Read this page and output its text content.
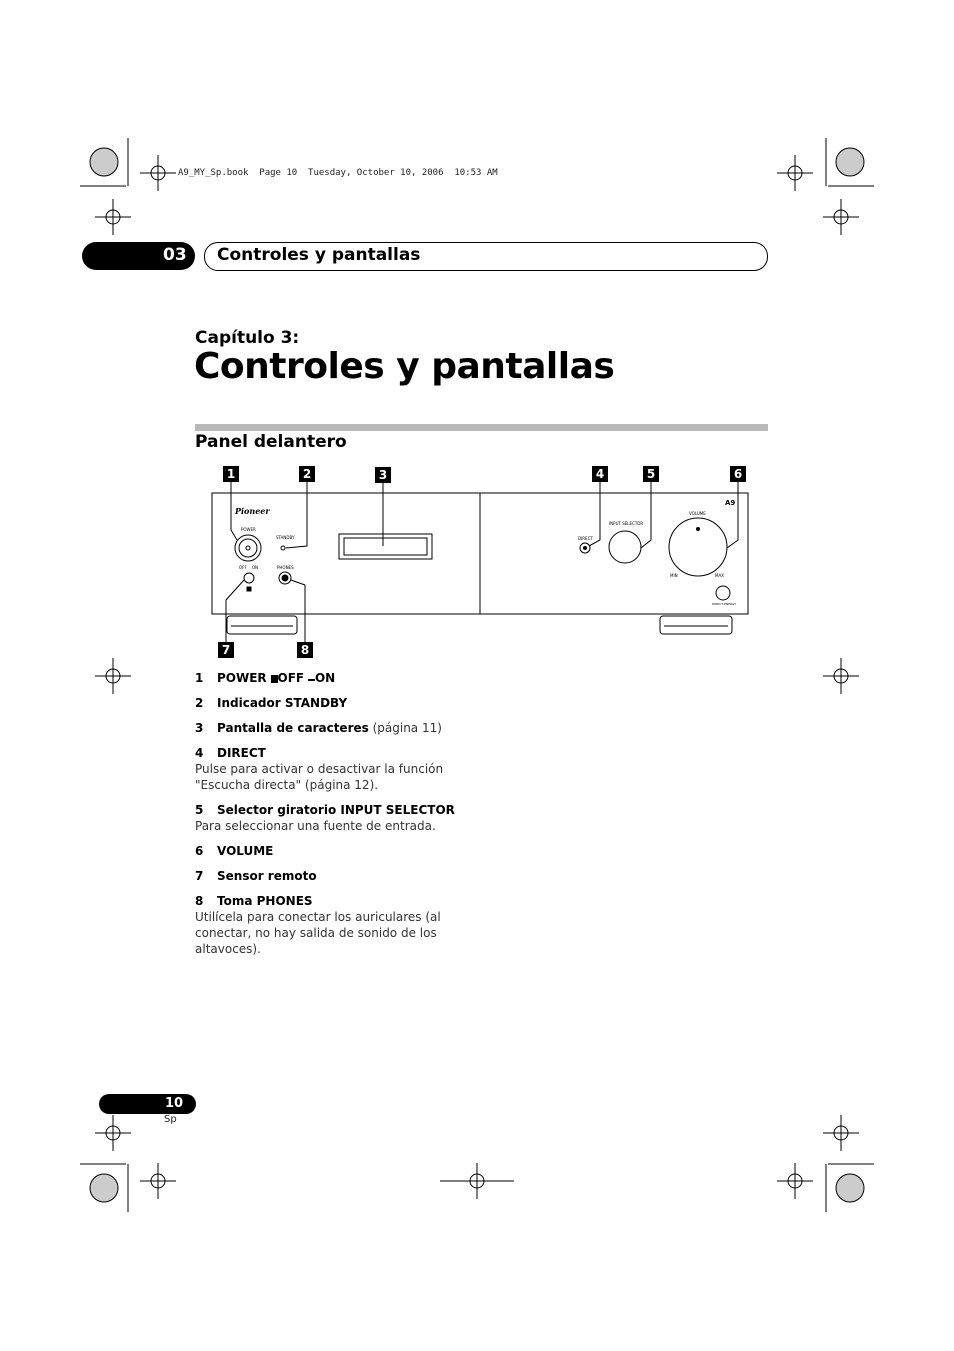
A9_MY_Sp.book  Page 10  Tuesday, October 10, 2006  10:53 AM
03 Controles y pantallas
Capítulo 3:
Controles y pantallas
Panel delantero
1	2	3	4	5	6
7	8
Pioneer
A9
POWER
STANDBY
OFF    ON	PHONES
DIRECT
INPUT SELECTOR
VOLUME
MIN	MAX
DIRECT ENERGY
1 POWER OFF ON
2 Indicador STANDBY
3 Pantalla de caracteres (página 11)
4 DIRECT
Pulse para activar o desactivar la función "Escucha directa" (página 12).
5 Selector giratorio INPUT SELECTOR
Para seleccionar una fuente de entrada.
6 VOLUME
7 Sensor remoto
8 Toma PHONES
Utilícela para conectar los auriculares (al conectar, no hay salida de sonido de los altavoces).
10
Sp
